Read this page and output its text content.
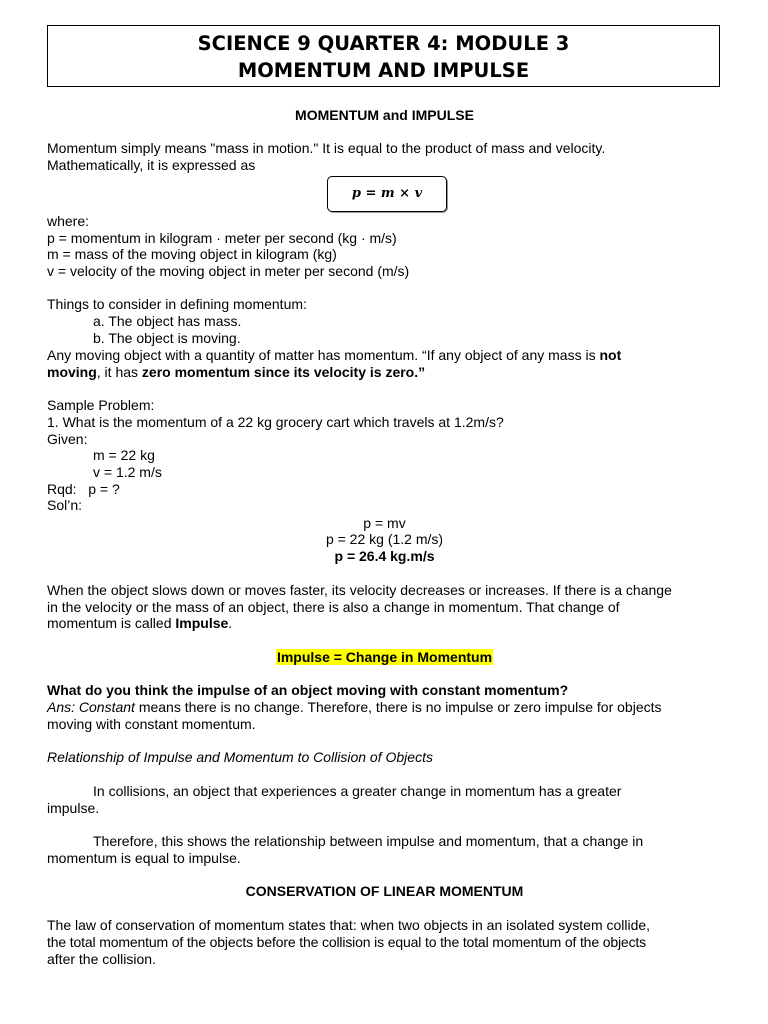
SCIENCE 9 QUARTER 4: MODULE 3
MOMENTUM AND IMPULSE
MOMENTUM and IMPULSE
Momentum simply means "mass in motion." It is equal to the product of mass and velocity.
Mathematically, it is expressed as
p = m × v
where:
p = momentum in kilogram · meter per second (kg · m/s)
m = mass of the moving object in kilogram (kg)
v = velocity of the moving object in meter per second (m/s)
Things to consider in defining momentum:
a. The object has mass.
b. The object is moving.
Any moving object with a quantity of matter has momentum. “If any object of any mass is not
moving, it has zero momentum since its velocity is zero.”
Sample Problem:
1. What is the momentum of a 22 kg grocery cart which travels at 1.2m/s?
Given:
m = 22 kg
v = 1.2 m/s
Rqd:   p = ?
Sol’n:
p = mv
p = 22 kg (1.2 m/s)
p = 26.4 kg.m/s
When the object slows down or moves faster, its velocity decreases or increases. If there is a change
in the velocity or the mass of an object, there is also a change in momentum. That change of
momentum is called Impulse.
Impulse = Change in Momentum
What do you think the impulse of an object moving with constant momentum?
Ans: Constant means there is no change. Therefore, there is no impulse or zero impulse for objects
moving with constant momentum.
Relationship of Impulse and Momentum to Collision of Objects
In collisions, an object that experiences a greater change in momentum has a greater
impulse.
Therefore, this shows the relationship between impulse and momentum, that a change in
momentum is equal to impulse.
CONSERVATION OF LINEAR MOMENTUM
The law of conservation of momentum states that: when two objects in an isolated system collide,
the total momentum of the objects before the collision is equal to the total momentum of the objects
after the collision.
